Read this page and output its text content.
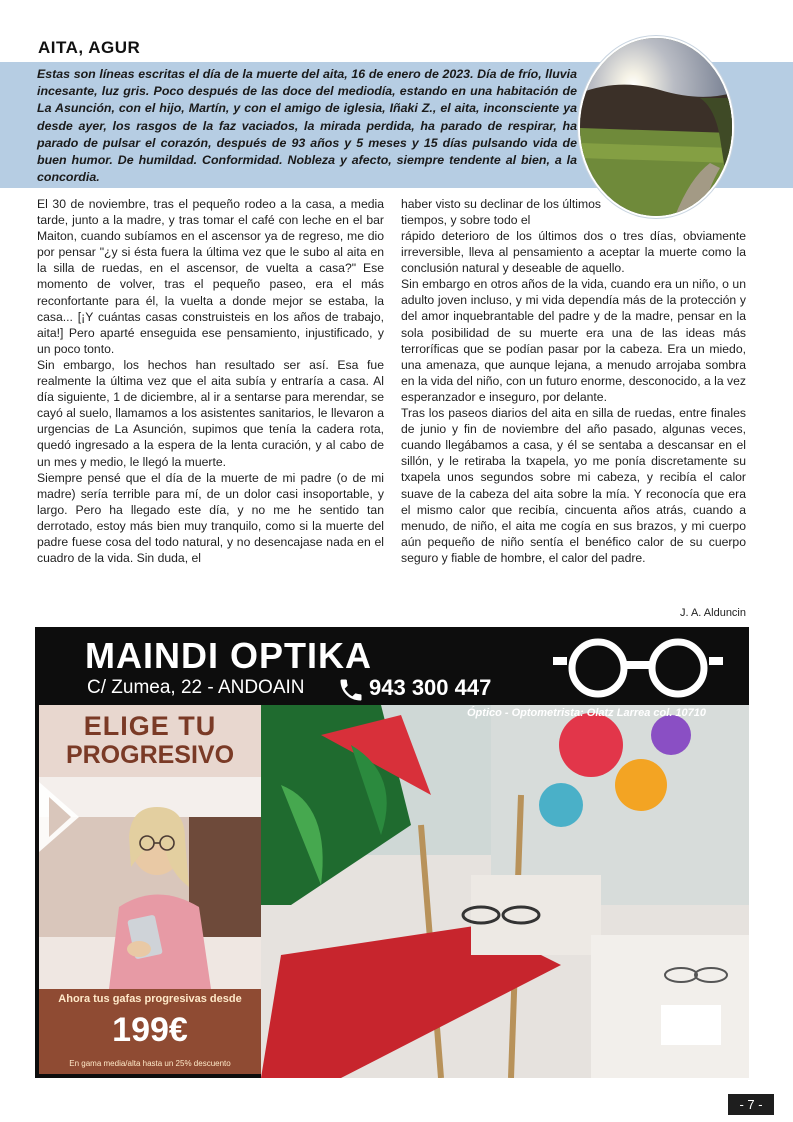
AITA, AGUR
Estas son líneas escritas el día de la muerte del aita, 16 de enero de 2023. Día de frío, lluvia incesante, luz gris. Poco después de las doce del mediodía, estando en una habitación de La Asunción, con el hijo, Martín, y con el amigo de iglesia, Iñaki Z., el aita, inconsciente ya desde ayer, los rasgos de la faz vaciados, la mirada perdida, ha parado de respirar, ha parado de pulsar el corazón, después de 93 años y 5 meses y 15 días pulsando vida de buen humor. De humildad. Conformidad. Nobleza y afecto, siempre tendente al bien, a la concordia.

El 30 de noviembre, tras el pequeño rodeo a la casa, a media tarde, junto a la madre, y tras tomar el café con leche en el bar Maiton, cuando subíamos en el ascensor ya de regreso, me dio por pensar "¿y si ésta fuera la última vez que le subo al aita en la silla de ruedas, en el ascensor, de vuelta a casa?" Ese momento de volver, tras el pequeño paseo, era el más reconfortante para él, la vuelta a donde mejor se estaba, la casa... [¡Y cuántas casas construisteis en los años de trabajo, aita!] Pero aparté enseguida ese pensamiento, injustificado, y un poco tonto.

Sin embargo, los hechos han resultado ser así. Esa fue realmente la última vez que el aita subía y entraría a casa. Al día siguiente, 1 de diciembre, al ir a sentarse para merendar, se cayó al suelo, llamamos a los asistentes sanitarios, le llevaron a urgencias de La Asunción, supimos que tenía la cadera rota, quedó ingresado a la espera de la lenta curación, y al cabo de un mes y medio, le llegó la muerte.

Siempre pensé que el día de la muerte de mi padre (o de mi madre) sería terrible para mí, de un dolor casi insoportable, y largo. Pero ha llegado este día, y no me he sentido tan derrotado, estoy más bien muy tranquilo, como si la muerte del padre fuese cosa del todo natural, y no desencajase nada en el cuadro de la vida. Sin duda, el

haber visto su declinar de los últimos tiempos, y sobre todo el

rápido deterioro de los últimos dos o tres días, obviamente irreversible, lleva al pensamiento a aceptar la muerte como la conclusión natural y deseable de aquello.

Sin embargo en otros años de la vida, cuando era un niño, o un adulto joven incluso, y mi vida dependía más de la protección y del amor inquebrantable del padre y de la madre, pensar en la sola posibilidad de su muerte era una de las ideas más terroríficas que se podían pasar por la cabeza. Era un miedo, una amenaza, que aunque lejana, a menudo arrojaba sombra en la vida del niño, con un futuro enorme, desconocido, a la vez esperanzador e inseguro, por delante.

Tras los paseos diarios del aita en silla de ruedas, entre finales de junio y fin de noviembre del año pasado, algunas veces, cuando llegábamos a casa, y él se sentaba a descansar en el sillón, y le retiraba la txapela, yo me ponía discretamente su txapela unos segundos sobre mi cabeza, y recibía el calor suave de la cabeza del aita sobre la mía. Y reconocía que era el mismo calor que recibía, cincuenta años atrás, cuando a menudo, de niño, el aita me cogía en sus brazos, y mi cuerpo aún pequeño de niño sentía el benéfico calor de su cuerpo seguro y fiable de hombre, el calor del padre.

J. A. Alduncin
MAINDI OPTIKA
C/ Zumea, 22 - ANDOAIN	943 300 447
ELIGE TU
PROGRESIVO
Ahora tus gafas progresivas desde
199€
En gama media/alta hasta un 25% descuento
Óptico - Optometrista: Olatz Larrea col. 10710
- 7 -
